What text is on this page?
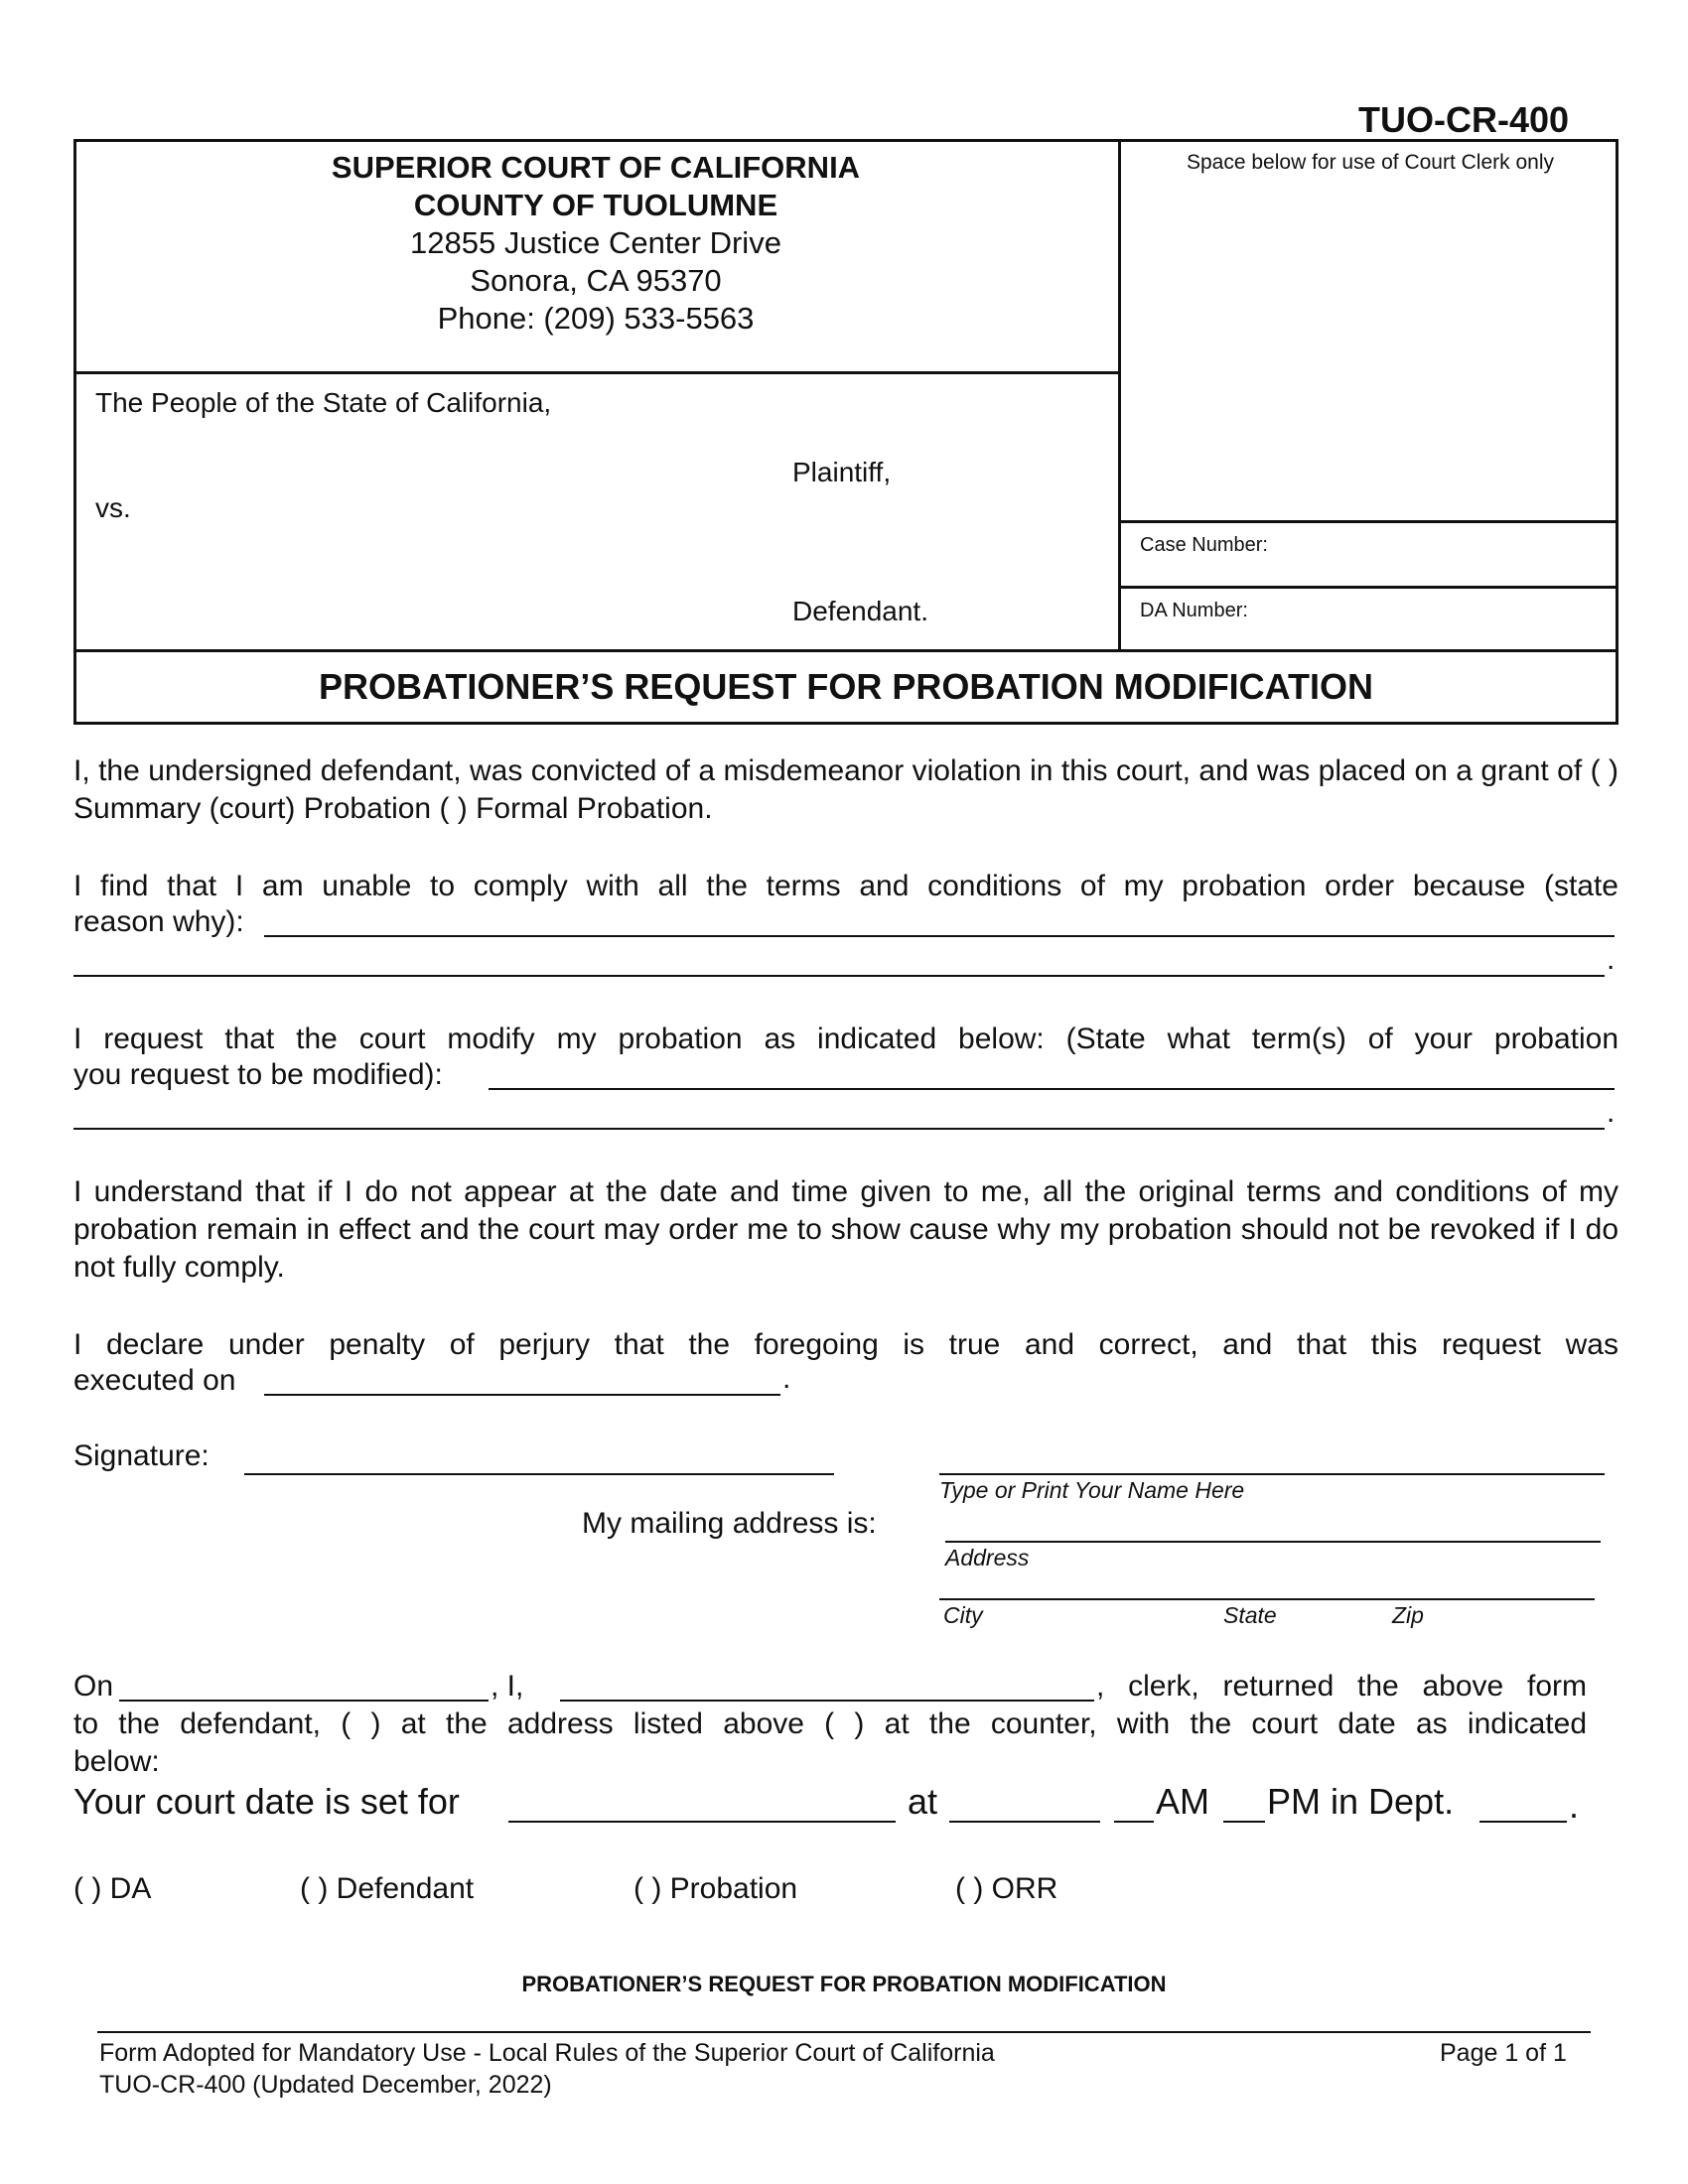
TUO-CR-400
SUPERIOR COURT OF CALIFORNIA
COUNTY OF TUOLUMNE
12855 Justice Center Drive
Sonora, CA 95370
Phone: (209) 533-5563
Space below for use of Court Clerk only
Case Number:
DA Number:
The People of the State of California,
Plaintiff,
vs.
Defendant.
PROBATIONER’S REQUEST FOR PROBATION MODIFICATION
I, the undersigned defendant, was convicted of a misdemeanor violation in this court, and was placed on a grant of ( ) Summary (court) Probation ( ) Formal Probation.
I find that I am unable to comply with all the terms and conditions of my probation order because (state
reason why):
.
I request that the court modify my probation as indicated below: (State what term(s) of your probation
you request to be modified):
.
I understand that if I do not appear at the date and time given to me, all the original terms and conditions of my probation remain in effect and the court may order me to show cause why my probation should not be revoked if I do not fully comply.
I declare under penalty of perjury that the foregoing is true and correct, and that this request was
executed on	.
Signature:
Type or Print Your Name Here
My mailing address is:
Address
City	State	Zip
On	, I,	, clerk, returned the above form
to the defendant, ( ) at the address listed above ( ) at the counter, with the court date as indicated
below:
Your court date is set for	at	AM PM in Dept.	.
( ) DA	( ) Defendant	( ) Probation	( ) ORR
PROBATIONER’S REQUEST FOR PROBATION MODIFICATION
Form Adopted for Mandatory Use - Local Rules of the Superior Court of California
TUO-CR-400 (Updated December, 2022)
Page 1 of 1
